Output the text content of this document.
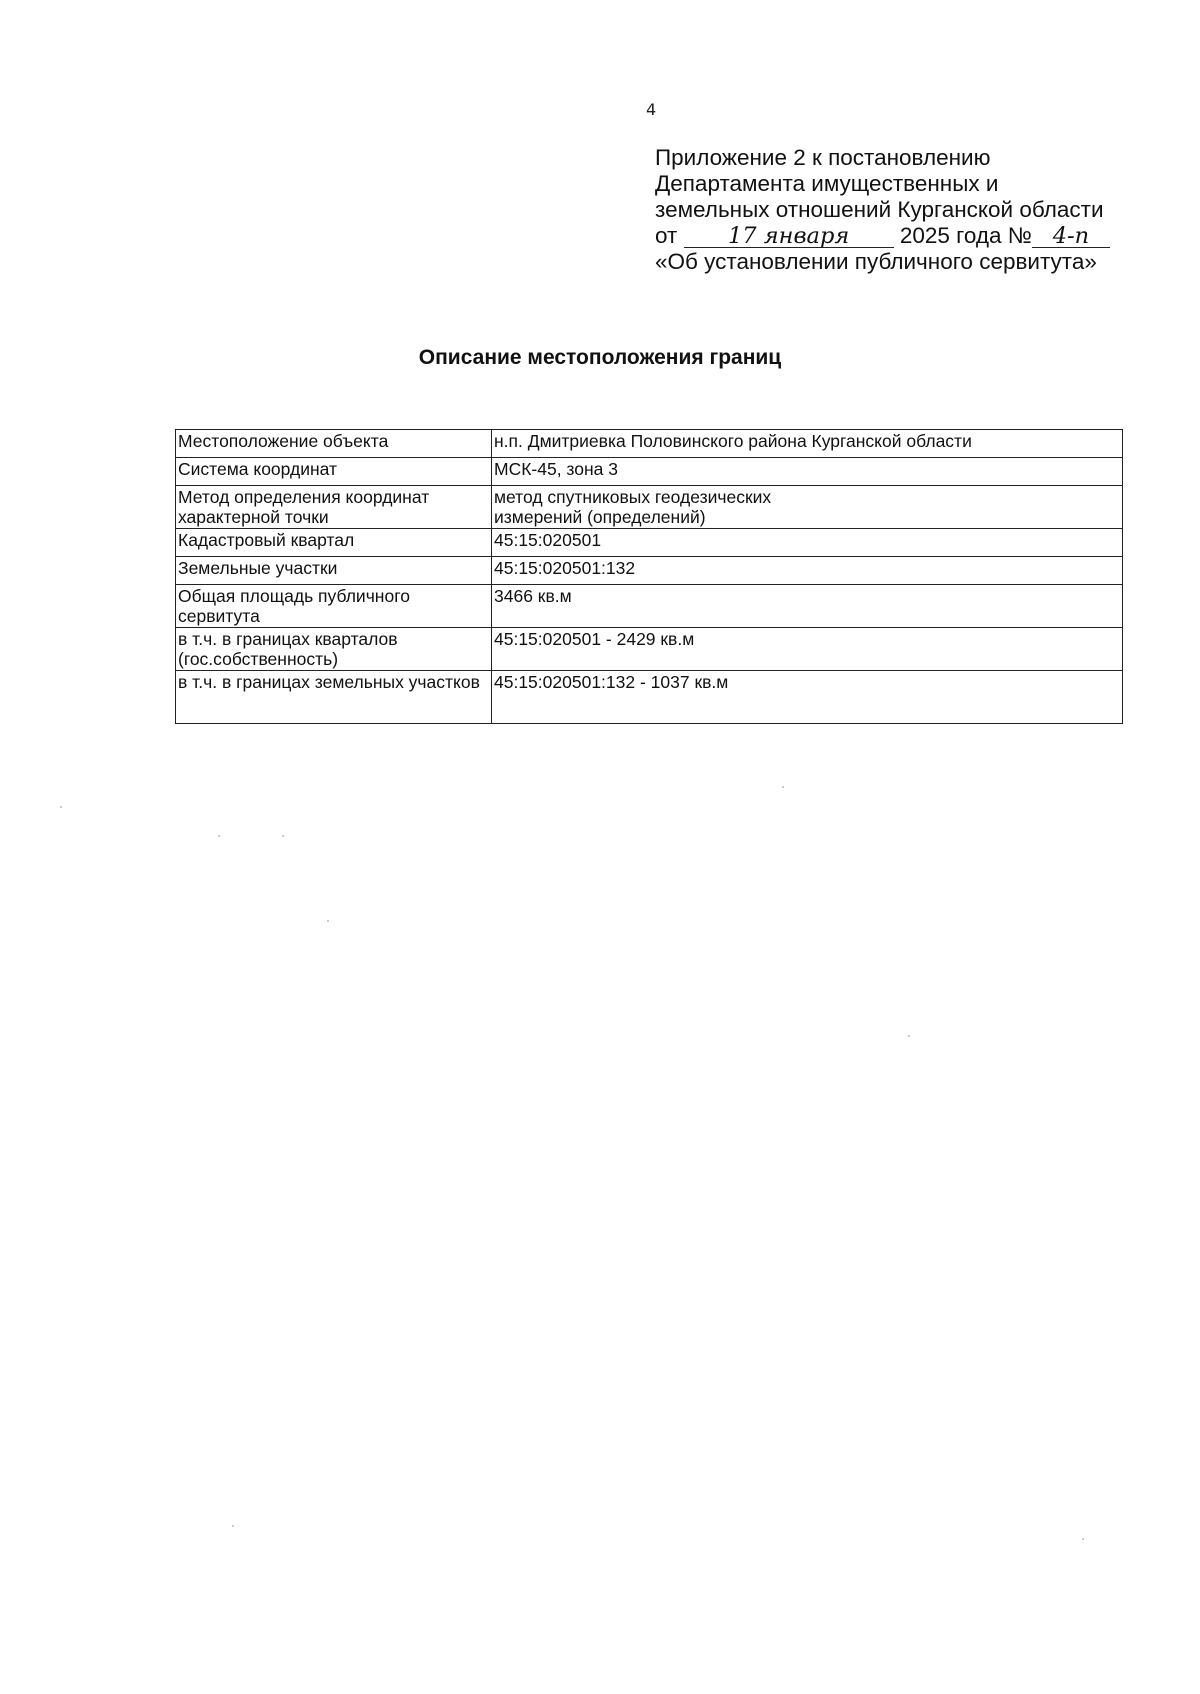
4
Приложение 2 к постановлению
Департамента имущественных и
земельных отношений Курганской области
от 17 января 2025 года № 4-п
«Об установлении публичного сервитута»
Описание местоположения границ
Местоположение объекта	н.п. Дмитриевка Половинского района Курганской области
Система координат	МСК-45, зона 3
Метод определения координат характерной точки	метод спутниковых геодезических измерений (определений)
Кадастровый квартал	45:15:020501
Земельные участки	45:15:020501:132
Общая площадь публичного сервитута	3466 кв.м
в т.ч. в границах кварталов (гос.собственность)	45:15:020501 - 2429 кв.м
в т.ч. в границах земельных участков	45:15:020501:132 - 1037 кв.м
